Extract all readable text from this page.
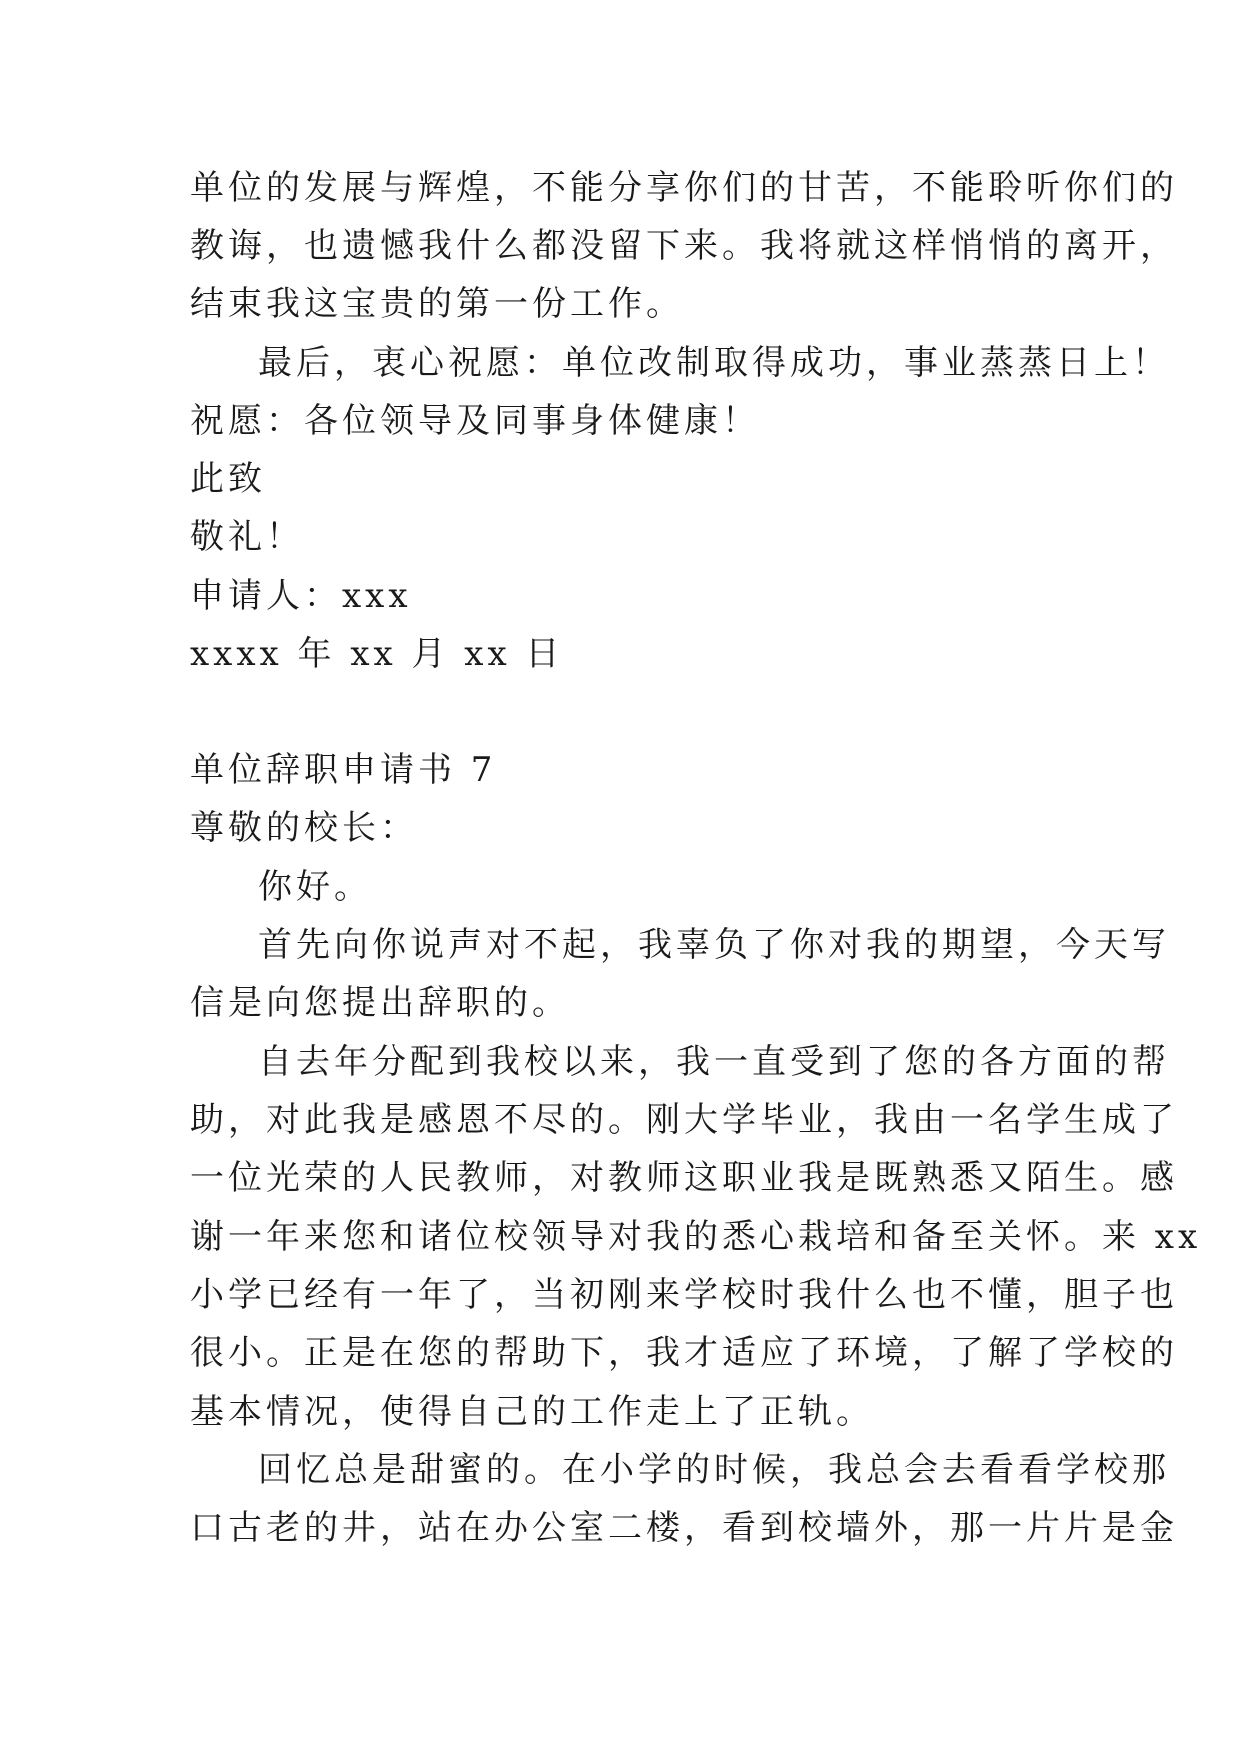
单位的发展与辉煌，不能分享你们的甘苦，不能聆听你们的
教诲，也遗憾我什么都没留下来。我将就这样悄悄的离开，
结束我这宝贵的第一份工作。
最后，衷心祝愿：单位改制取得成功，事业蒸蒸日上！
祝愿：各位领导及同事身体健康！
此致
敬礼！
申请人：xxx
xxxx 年 xx 月 xx 日
单位辞职申请书 7
尊敬的校长：
你好。
首先向你说声对不起，我辜负了你对我的期望，今天写
信是向您提出辞职的。
自去年分配到我校以来，我一直受到了您的各方面的帮
助，对此我是感恩不尽的。刚大学毕业，我由一名学生成了
一位光荣的人民教师，对教师这职业我是既熟悉又陌生。感
谢一年来您和诸位校领导对我的悉心栽培和备至关怀。来 xx
小学已经有一年了，当初刚来学校时我什么也不懂，胆子也
很小。正是在您的帮助下，我才适应了环境，了解了学校的
基本情况，使得自己的工作走上了正轨。
回忆总是甜蜜的。在小学的时候，我总会去看看学校那
口古老的井，站在办公室二楼，看到校墙外，那一片片是金
